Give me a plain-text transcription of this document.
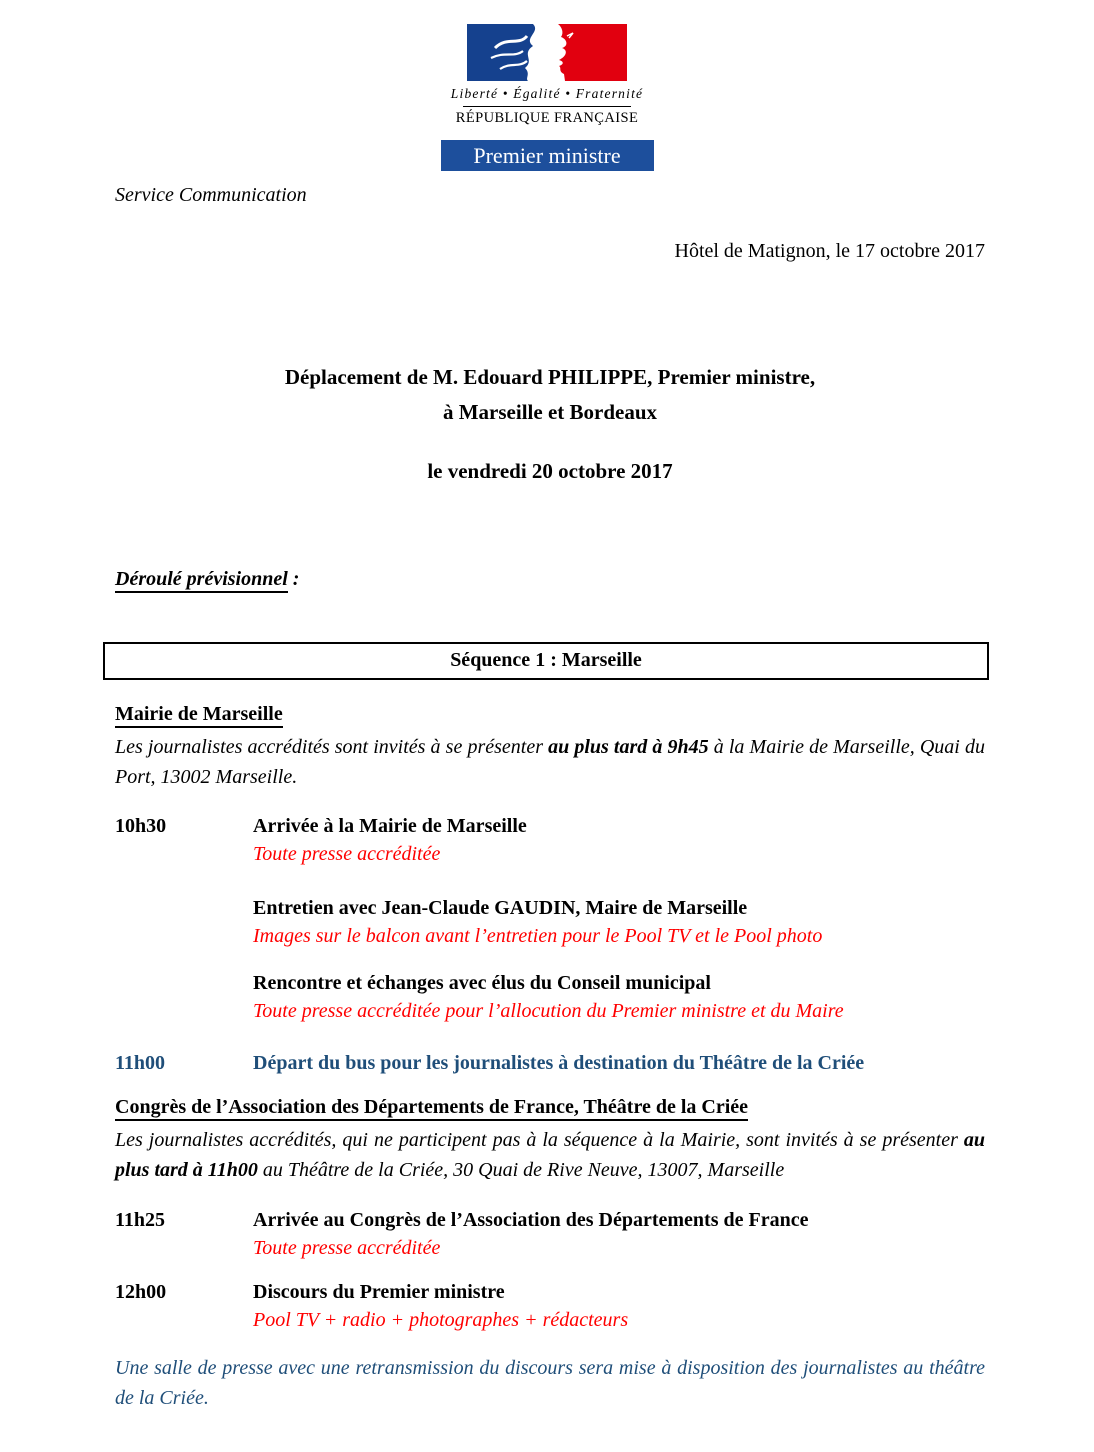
Liberté • Égalité • Fraternité
RÉPUBLIQUE FRANÇAISE
Premier ministre
Service Communication
Hôtel de Matignon, le 17 octobre 2017
Déplacement de M. Edouard PHILIPPE, Premier ministre,
à Marseille et Bordeaux
le vendredi 20 octobre 2017
Déroulé prévisionnel :
Séquence 1 : Marseille
Mairie de Marseille

Les journalistes accrédités sont invités à se présenter au plus tard à 9h45 à la Mairie de Marseille, Quai du Port, 13002 Marseille.

10h30	Arrivée à la Mairie de Marseille
Toute presse accréditée
Entretien avec Jean-Claude GAUDIN, Maire de Marseille
Images sur le balcon avant l’entretien pour le Pool TV et le Pool photo
Rencontre et échanges avec élus du Conseil municipal
Toute presse accréditée pour l’allocution du Premier ministre et du Maire
11h00	Départ du bus pour les journalistes à destination du Théâtre de la Criée
Congrès de l’Association des Départements de France, Théâtre de la Criée

Les journalistes accrédités, qui ne participent pas à la séquence à la Mairie, sont invités à se présenter au plus tard à 11h00 au Théâtre de la Criée, 30 Quai de Rive Neuve, 13007, Marseille

11h25	Arrivée au Congrès de l’Association des Départements de France
Toute presse accréditée
12h00	Discours du Premier ministre
Pool TV + radio + photographes + rédacteurs

Une salle de presse avec une retransmission du discours sera mise à disposition des journalistes au théâtre de la Criée.
